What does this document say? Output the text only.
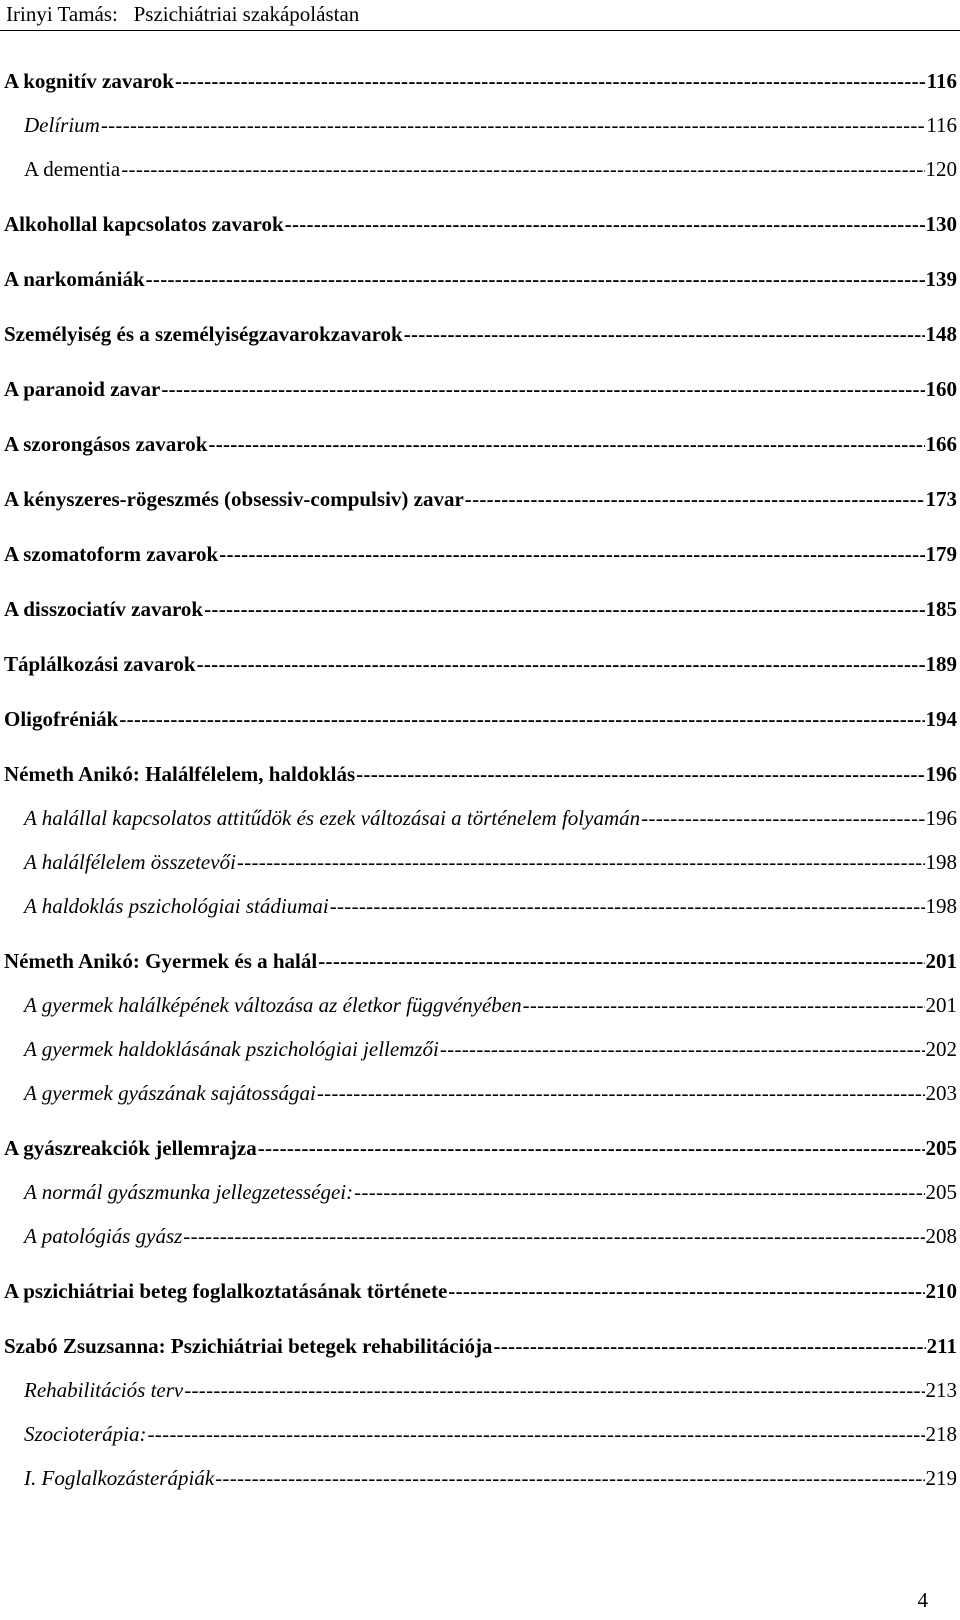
Irinyi Tamás: Pszichiátriai szakápolástan
A kognitív zavarok -----	116
Delírium -----	116
A dementia -----	120
Alkohollal kapcsolatos zavarok -----	130
A narkomániák -----	139
Személyiség és a személyiségzavarokzavarok -----	148
A paranoid zavar -----	160
A szorongásos zavarok -----	166
A kényszeres-rögeszmés (obsessiv-compulsiv) zavar -----	173
A szomatoform zavarok -----	179
A disszociatív zavarok -----	185
Táplálkozási zavarok -----	189
Oligofréniák -----	194
Németh Anikó: Halálfélelem, haldoklás -----	196
A halállal kapcsolatos attitűdök és ezek változásai a történelem folyamán -----	196
A halálfélelem összetevői -----	198
A haldoklás pszichológiai stádiumai -----	198
Németh Anikó: Gyermek és a halál -----	201
A gyermek halálképének változása az életkor függvényében -----	201
A gyermek haldoklásának pszichológiai jellemzői -----	202
A gyermek gyászának sajátosságai -----	203
A gyászreakciók jellemrajza -----	205
A normál gyászmunka jellegzetességei: -----	205
A patológiás gyász -----	208
A pszichiátriai beteg foglalkoztatásának története -----	210
Szabó Zsuzsanna: Pszichiátriai betegek rehabilitációja -----	211
Rehabilitációs terv -----	213
Szocioterápia: -----	218
I. Foglalkozásterápiák -----	219
4
